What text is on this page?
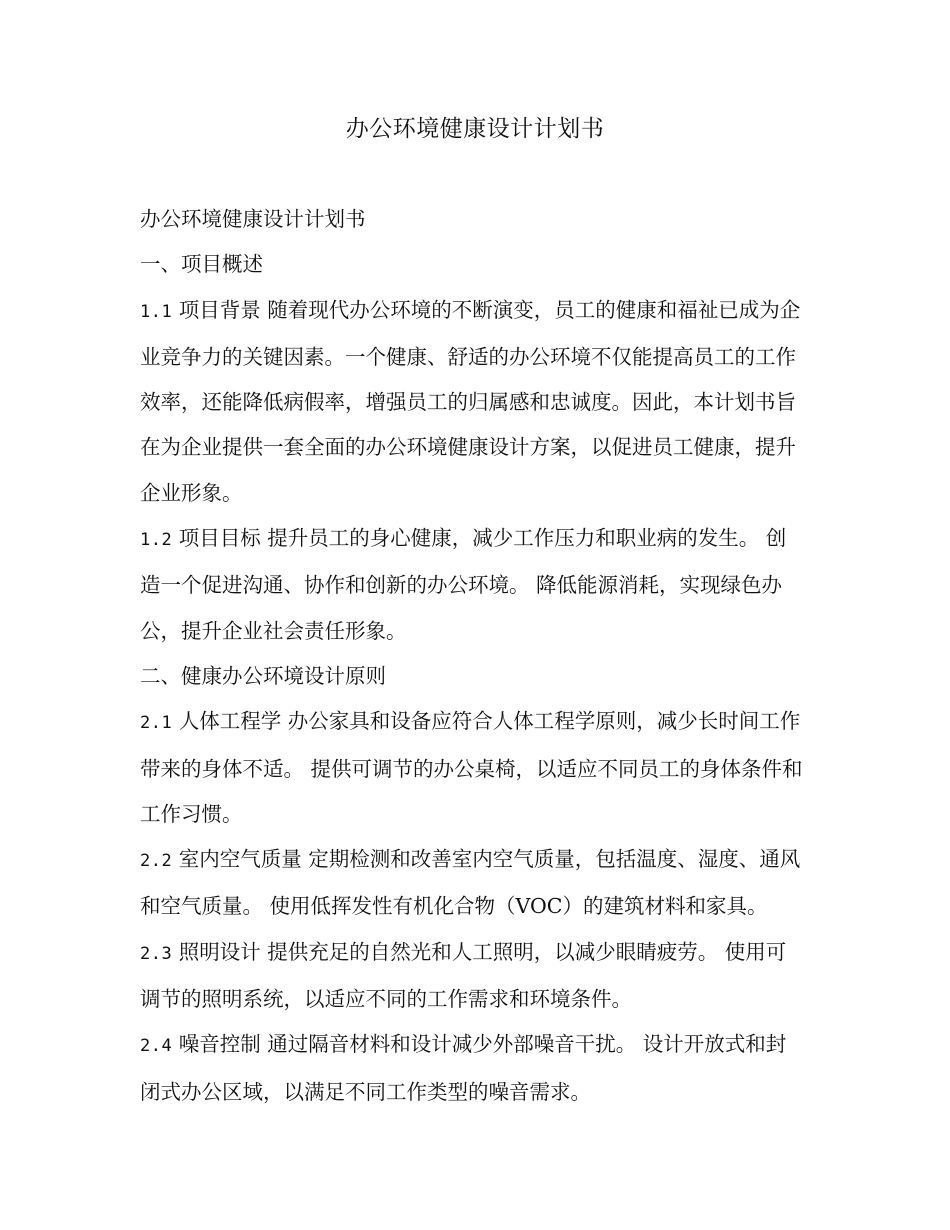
办公环境健康设计计划书

办公环境健康设计计划书

一、项目概述

1.1 项目背景 随着现代办公环境的不断演变，员工的健康和福祉已成为企业竞争力的关键因素。一个健康、舒适的办公环境不仅能提高员工的工作效率，还能降低病假率，增强员工的归属感和忠诚度。因此，本计划书旨在为企业提供一套全面的办公环境健康设计方案，以促进员工健康，提升企业形象。

1.2 项目目标 提升员工的身心健康，减少工作压力和职业病的发生。 创造一个促进沟通、协作和创新的办公环境。 降低能源消耗，实现绿色办公，提升企业社会责任形象。

二、健康办公环境设计原则

2.1 人体工程学 办公家具和设备应符合人体工程学原则，减少长时间工作带来的身体不适。 提供可调节的办公桌椅，以适应不同员工的身体条件和工作习惯。

2.2 室内空气质量 定期检测和改善室内空气质量，包括温度、湿度、通风和空气质量。 使用低挥发性有机化合物（VOC）的建筑材料和家具。

2.3 照明设计 提供充足的自然光和人工照明，以减少眼睛疲劳。 使用可调节的照明系统，以适应不同的工作需求和环境条件。

2.4 噪音控制 通过隔音材料和设计减少外部噪音干扰。 设计开放式和封闭式办公区域，以满足不同工作类型的噪音需求。
